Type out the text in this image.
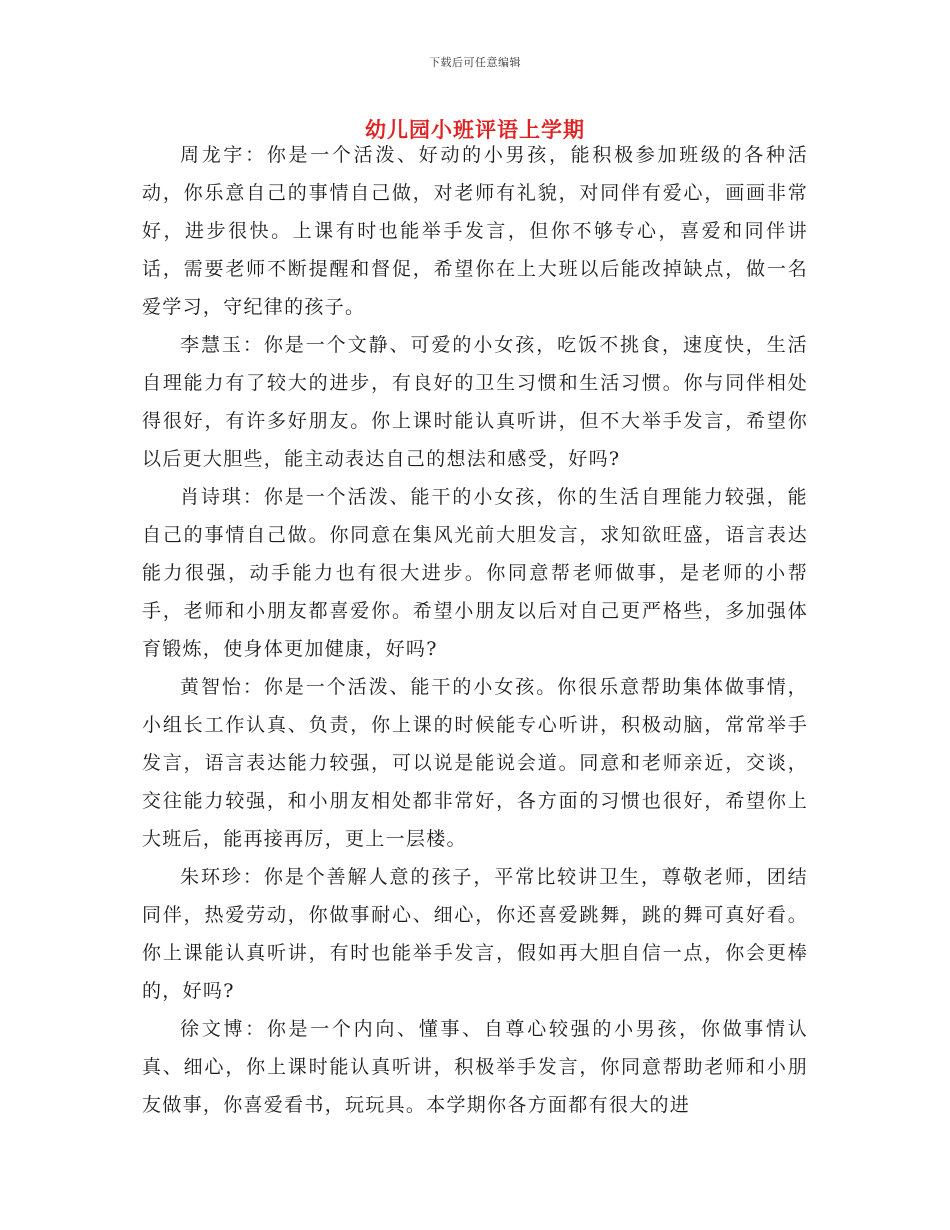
下载后可任意编辑
幼儿园小班评语上学期

周龙宇：你是一个活泼、好动的小男孩，能积极参加班级的各种活动，你乐意自己的事情自己做，对老师有礼貌，对同伴有爱心，画画非常好，进步很快。上课有时也能举手发言，但你不够专心，喜爱和同伴讲话，需要老师不断提醒和督促，希望你在上大班以后能改掉缺点，做一名爱学习，守纪律的孩子。

李慧玉：你是一个文静、可爱的小女孩，吃饭不挑食，速度快，生活自理能力有了较大的进步，有良好的卫生习惯和生活习惯。你与同伴相处得很好，有许多好朋友。你上课时能认真听讲，但不大举手发言，希望你以后更大胆些，能主动表达自己的想法和感受，好吗?

肖诗琪：你是一个活泼、能干的小女孩，你的生活自理能力较强，能自己的事情自己做。你同意在集风光前大胆发言，求知欲旺盛，语言表达能力很强，动手能力也有很大进步。你同意帮老师做事，是老师的小帮手，老师和小朋友都喜爱你。希望小朋友以后对自己更严格些，多加强体育锻炼，使身体更加健康，好吗?

黄智怡：你是一个活泼、能干的小女孩。你很乐意帮助集体做事情，小组长工作认真、负责，你上课的时候能专心听讲，积极动脑，常常举手发言，语言表达能力较强，可以说是能说会道。同意和老师亲近，交谈，交往能力较强，和小朋友相处都非常好，各方面的习惯也很好，希望你上大班后，能再接再厉，更上一层楼。

朱环珍：你是个善解人意的孩子，平常比较讲卫生，尊敬老师，团结同伴，热爱劳动，你做事耐心、细心，你还喜爱跳舞，跳的舞可真好看。你上课能认真听讲，有时也能举手发言，假如再大胆自信一点，你会更棒的，好吗?

徐文博：你是一个内向、懂事、自尊心较强的小男孩，你做事情认真、细心，你上课时能认真听讲，积极举手发言，你同意帮助老师和小朋友做事，你喜爱看书，玩玩具。本学期你各方面都有很大的进
